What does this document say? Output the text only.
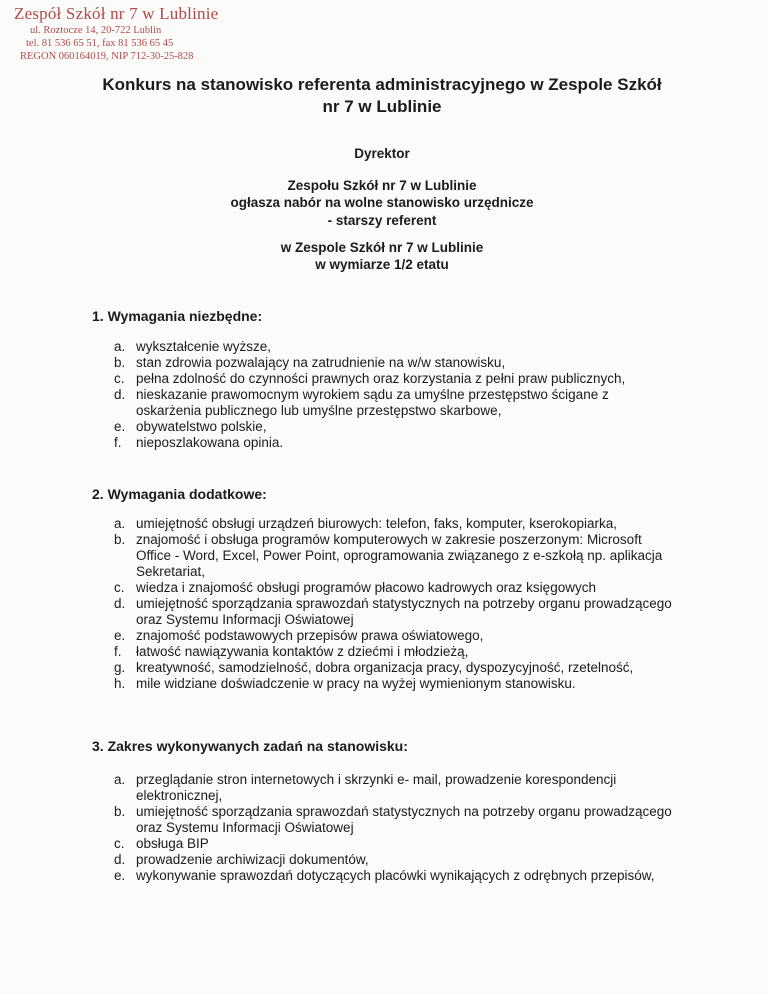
Zespół Szkół nr 7 w Lublinie
ul. Roztocze 14, 20-722 Lublin
tel. 81 536 65 51, fax 81 536 65 45
REGON 060164019, NIP 712-30-25-828
Konkurs na stanowisko referenta administracyjnego w Zespole Szkół nr 7 w Lublinie
Dyrektor
Zespołu Szkół nr 7 w Lublinie
ogłasza nabór na wolne stanowisko urzędnicze
- starszy referent
w Zespole Szkół nr 7 w Lublinie
w wymiarze 1/2 etatu
1. Wymagania niezbędne:
a. wykształcenie wyższe,
b. stan zdrowia pozwalający na zatrudnienie na w/w stanowisku,
c. pełna zdolność do czynności prawnych oraz korzystania z pełni praw publicznych,
d. nieskazanie prawomocnym wyrokiem sądu za umyślne przestępstwo ścigane z oskarżenia publicznego lub umyślne przestępstwo skarbowe,
e. obywatelstwo polskie,
f. nieposzlakowana opinia.
2. Wymagania dodatkowe:
a. umiejętność obsługi urządzeń biurowych: telefon, faks, komputer, kserokopiarka,
b. znajomość i obsługa programów komputerowych w zakresie poszerzonym: Microsoft Office - Word, Excel, Power Point, oprogramowania związanego z e-szkołą np. aplikacja Sekretariat,
c. wiedza i znajomość obsługi programów płacowo kadrowych oraz księgowych
d. umiejętność sporządzania sprawozdań statystycznych na potrzeby organu prowadzącego oraz Systemu Informacji Oświatowej
e. znajomość podstawowych przepisów prawa oświatowego,
f. łatwość nawiązywania kontaktów z dziećmi i młodzieżą,
g. kreatywność, samodzielność, dobra organizacja pracy, dyspozycyjność, rzetelność,
h. mile widziane doświadczenie w pracy na wyżej wymienionym stanowisku.
3. Zakres wykonywanych zadań na stanowisku:
a. przeglądanie stron internetowych i skrzynki e- mail, prowadzenie korespondencji elektronicznej,
b. umiejętność sporządzania sprawozdań statystycznych na potrzeby organu prowadzącego oraz Systemu Informacji Oświatowej
c. obsługa BIP
d. prowadzenie archiwizacji dokumentów,
e. wykonywanie sprawozdań dotyczących placówki wynikających z odrębnych przepisów,
